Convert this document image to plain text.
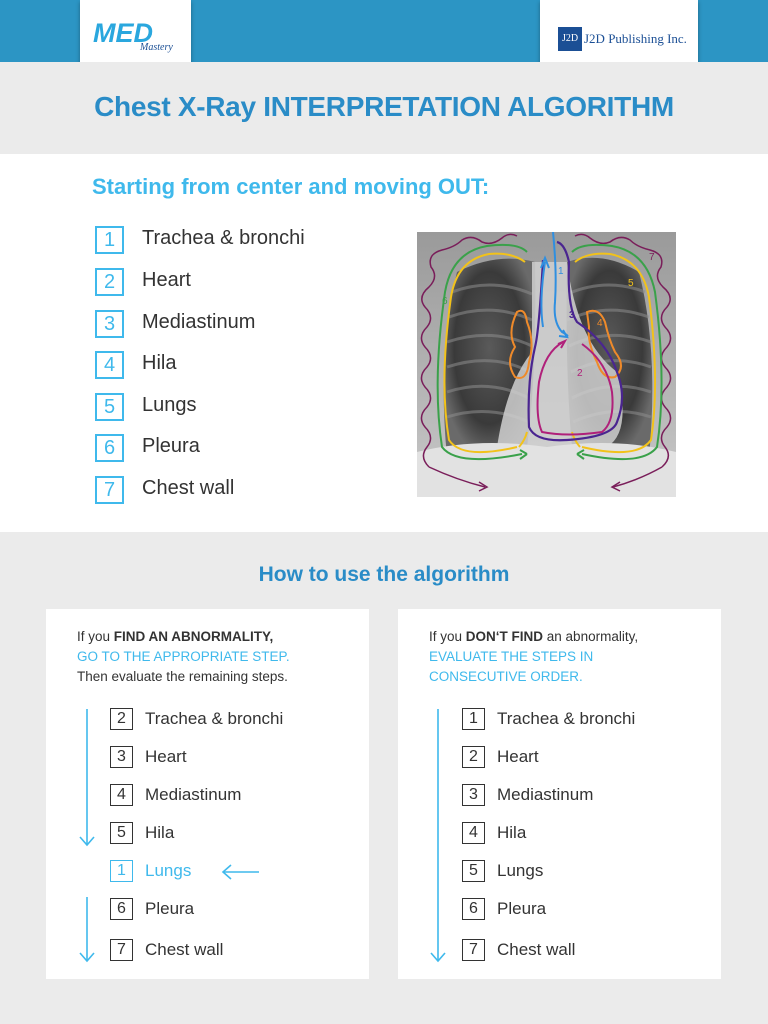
MED
Mastery
J2D J2D Publishing Inc.
Chest X-Ray INTERPRETATION ALGORITHM
Starting from center and moving OUT:
1	Trachea & bronchi
2	Heart
3	Mediastinum
4	Hila
5	Lungs
6	Pleura
7	Chest wall
1
2
3
4
5
6
7
How to use the algorithm
If you FIND AN ABNORMALITY,
GO TO THE APPROPRIATE STEP.
Then evaluate the remaining steps.
2	Trachea & bronchi
3	Heart
4	Mediastinum
5	Hila
1	Lungs
6	Pleura
7	Chest wall
If you DON‘T FIND an abnormality,
EVALUATE THE STEPS IN
CONSECUTIVE ORDER.
1	Trachea & bronchi
2	Heart
3	Mediastinum
4	Hila
5	Lungs
6	Pleura
7	Chest wall
